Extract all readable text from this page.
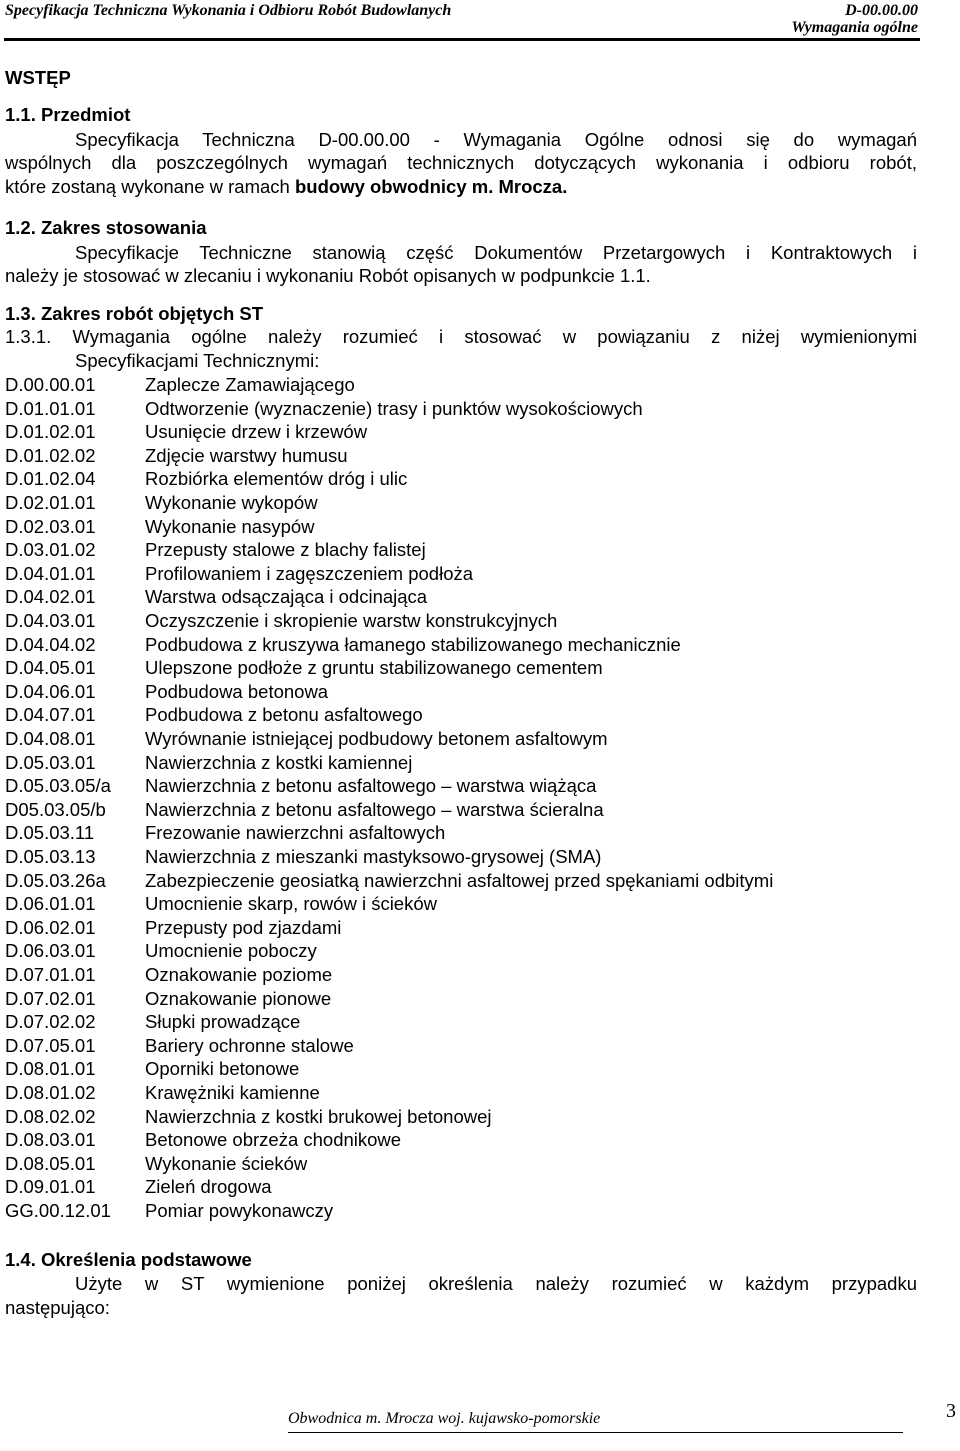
Specyfikacja Techniczna Wykonania i Odbioru Robót Budowlanych	D-00.00.00
Wymagania ogólne
WSTĘP
1.1. Przedmiot
Specyfikacja Techniczna D-00.00.00 - Wymagania Ogólne odnosi się do wymagań
wspólnych dla poszczególnych wymagań technicznych dotyczących wykonania i odbioru robót,
które zostaną wykonane w ramach budowy obwodnicy m. Mrocza.
1.2. Zakres stosowania
Specyfikacje Techniczne stanowią część Dokumentów Przetargowych i Kontraktowych i
należy je stosować w zlecaniu i wykonaniu Robót opisanych w podpunkcie 1.1.
1.3. Zakres robót objętych ST
1.3.1. Wymagania ogólne należy rozumieć i stosować w powiązaniu z niżej wymienionymi
Specyfikacjami Technicznymi:
D.00.00.01	Zaplecze Zamawiającego
D.01.01.01	Odtworzenie (wyznaczenie) trasy i punktów wysokościowych
D.01.02.01	Usunięcie drzew i krzewów
D.01.02.02	Zdjęcie warstwy humusu
D.01.02.04	Rozbiórka elementów dróg i ulic
D.02.01.01	Wykonanie wykopów
D.02.03.01	Wykonanie nasypów
D.03.01.02	Przepusty stalowe z blachy falistej
D.04.01.01	Profilowaniem i zagęszczeniem podłoża
D.04.02.01	Warstwa odsączająca i odcinająca
D.04.03.01	Oczyszczenie i skropienie warstw konstrukcyjnych
D.04.04.02	Podbudowa z kruszywa łamanego stabilizowanego mechanicznie
D.04.05.01	Ulepszone podłoże z gruntu stabilizowanego cementem
D.04.06.01	Podbudowa betonowa
D.04.07.01	Podbudowa z betonu asfaltowego
D.04.08.01	Wyrównanie istniejącej podbudowy betonem asfaltowym
D.05.03.01	Nawierzchnia z kostki kamiennej
D.05.03.05/a Nawierzchnia z betonu asfaltowego – warstwa wiążąca
D05.03.05/b Nawierzchnia z betonu asfaltowego – warstwa ścieralna
D.05.03.11	Frezowanie nawierzchni asfaltowych
D.05.03.13	Nawierzchnia z mieszanki mastyksowo-grysowej (SMA)
D.05.03.26a Zabezpieczenie geosiatką nawierzchni asfaltowej przed spękaniami odbitymi
D.06.01.01	Umocnienie skarp, rowów i ścieków
D.06.02.01	Przepusty pod zjazdami
D.06.03.01	Umocnienie poboczy
D.07.01.01	Oznakowanie poziome
D.07.02.01	Oznakowanie pionowe
D.07.02.02	Słupki prowadzące
D.07.05.01	Bariery ochronne stalowe
D.08.01.01	Oporniki betonowe
D.08.01.02	Krawężniki kamienne
D.08.02.02	Nawierzchnia z kostki brukowej betonowej
D.08.03.01	Betonowe obrzeża chodnikowe
D.08.05.01	Wykonanie ścieków
D.09.01.01	Zieleń drogowa
GG.00.12.01 Pomiar powykonawczy
1.4. Określenia podstawowe
Użyte w ST wymienione poniżej określenia należy rozumieć w każdym przypadku
następująco:
Obwodnica m. Mrocza woj. kujawsko-pomorskie	3
